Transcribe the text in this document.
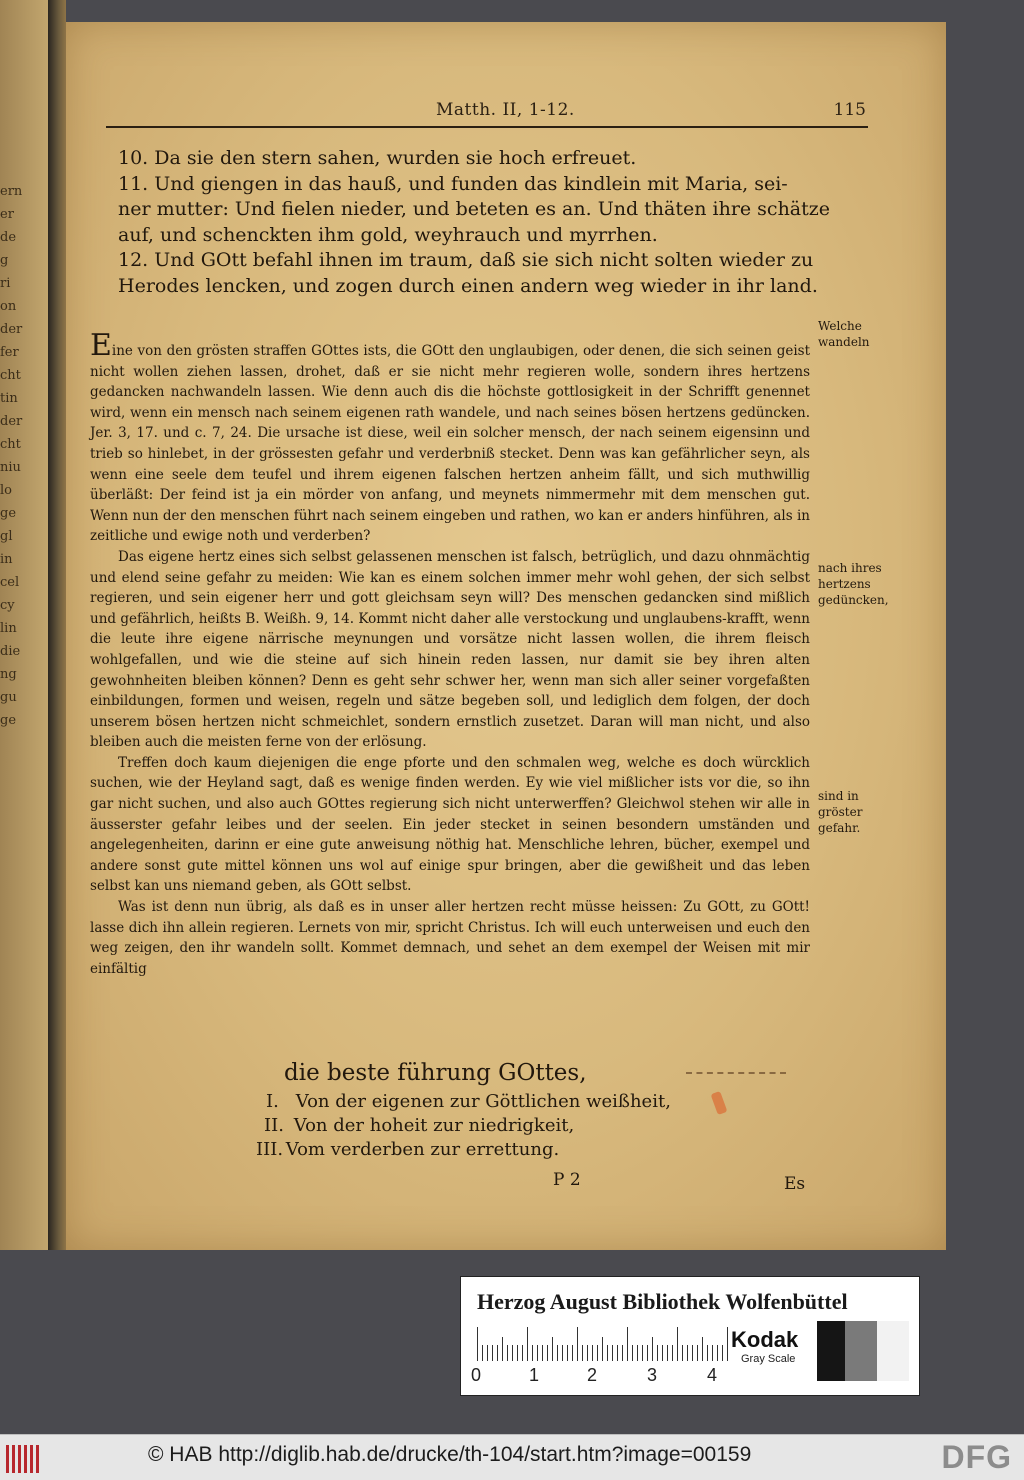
ern
er
de
g
ri
on
der
fer
cht
tin
der
cht
niu
lo
ge
gl
in
cel
cy
lin
die
ng
gu
ge
Matth. II, 1-12.	115

10. Da sie den stern sahen, wurden sie hoch erfreuet.

11. Und giengen in das hauß, und funden das kindlein mit Maria, sei-

ner mutter: Und fielen nieder, und beteten es an. Und thäten ihre schätze

auf, und schenckten ihm gold, weyhrauch und myrrhen.

12. Und GOtt befahl ihnen im traum, daß sie sich nicht solten wieder zu

Herodes lencken, und zogen durch einen andern weg wieder in ihr land.

Eine von den grösten straffen GOttes ists, die GOtt den unglaubigen, oder denen, die sich seinen geist nicht wollen ziehen lassen, drohet, daß er sie nicht mehr regieren wolle, sondern ihres hertzens gedancken nachwandeln lassen. Wie denn auch dis die höchste gottlosigkeit in der Schrifft genennet wird, wenn ein mensch nach seinem eigenen rath wandele, und nach seines bösen hertzens gedüncken. Jer. 3, 17. und c. 7, 24. Die ursache ist diese, weil ein solcher mensch, der nach seinem eigensinn und trieb so hinlebet, in der grössesten gefahr und verderbniß stecket. Denn was kan gefährlicher seyn, als wenn eine seele dem teufel und ihrem eigenen falschen hertzen anheim fällt, und sich muthwillig überläßt: Der feind ist ja ein mörder von anfang, und meynets nimmermehr mit dem menschen gut. Wenn nun der den menschen führt nach seinem eingeben und rathen, wo kan er anders hinführen, als in zeitliche und ewige noth und verderben?

Das eigene hertz eines sich selbst gelassenen menschen ist falsch, betrüglich, und dazu ohnmächtig und elend seine gefahr zu meiden: Wie kan es einem solchen immer mehr wohl gehen, der sich selbst regieren, und sein eigener herr und gott gleichsam seyn will? Des menschen gedancken sind mißlich und gefährlich, heißts B. Weißh. 9, 14. Kommt nicht daher alle verstockung und unglaubens-krafft, wenn die leute ihre eigene närrische meynungen und vorsätze nicht lassen wollen, die ihrem fleisch wohlgefallen, und wie die steine auf sich hinein reden lassen, nur damit sie bey ihren alten gewohnheiten bleiben können? Denn es geht sehr schwer her, wenn man sich aller seiner vorgefaßten einbildungen, formen und weisen, regeln und sätze begeben soll, und lediglich dem folgen, der doch unserem bösen hertzen nicht schmeichlet, sondern ernstlich zusetzet. Daran will man nicht, und also bleiben auch die meisten ferne von der erlösung.

Treffen doch kaum diejenigen die enge pforte und den schmalen weg, welche es doch würcklich suchen, wie der Heyland sagt, daß es wenige finden werden. Ey wie viel mißlicher ists vor die, so ihn gar nicht suchen, und also auch GOttes regierung sich nicht unterwerffen? Gleichwol stehen wir alle in äusserster gefahr leibes und der seelen. Ein jeder stecket in seinen besondern umständen und angelegenheiten, darinn er eine gute anweisung nöthig hat. Menschliche lehren, bücher, exempel und andere sonst gute mittel können uns wol auf einige spur bringen, aber die gewißheit und das leben selbst kan uns niemand geben, als GOtt selbst.

Was ist denn nun übrig, als daß es in unser aller hertzen recht müsse heissen: Zu GOtt, zu GOtt! lasse dich ihn allein regieren. Lernets von mir, spricht Christus. Ich will euch unterweisen und euch den weg zeigen, den ihr wandeln sollt. Kommet demnach, und sehet an dem exempel der Weisen mit mir einfältig

Welche
wandeln
nach ihres
hertzens
gedüncken,
sind in
gröster
gefahr.
die beste führung GOttes,
I. Von der eigenen zur Göttlichen weißheit,
II. Von der hoheit zur niedrigkeit,
III. Vom verderben zur errettung.
P 2	Es
Herzog August Bibliothek Wolfenbüttel
0	1	2	3	4
Kodak
Gray Scale
© HAB http://diglib.hab.de/drucke/th-104/start.htm?image=00159	DFG
